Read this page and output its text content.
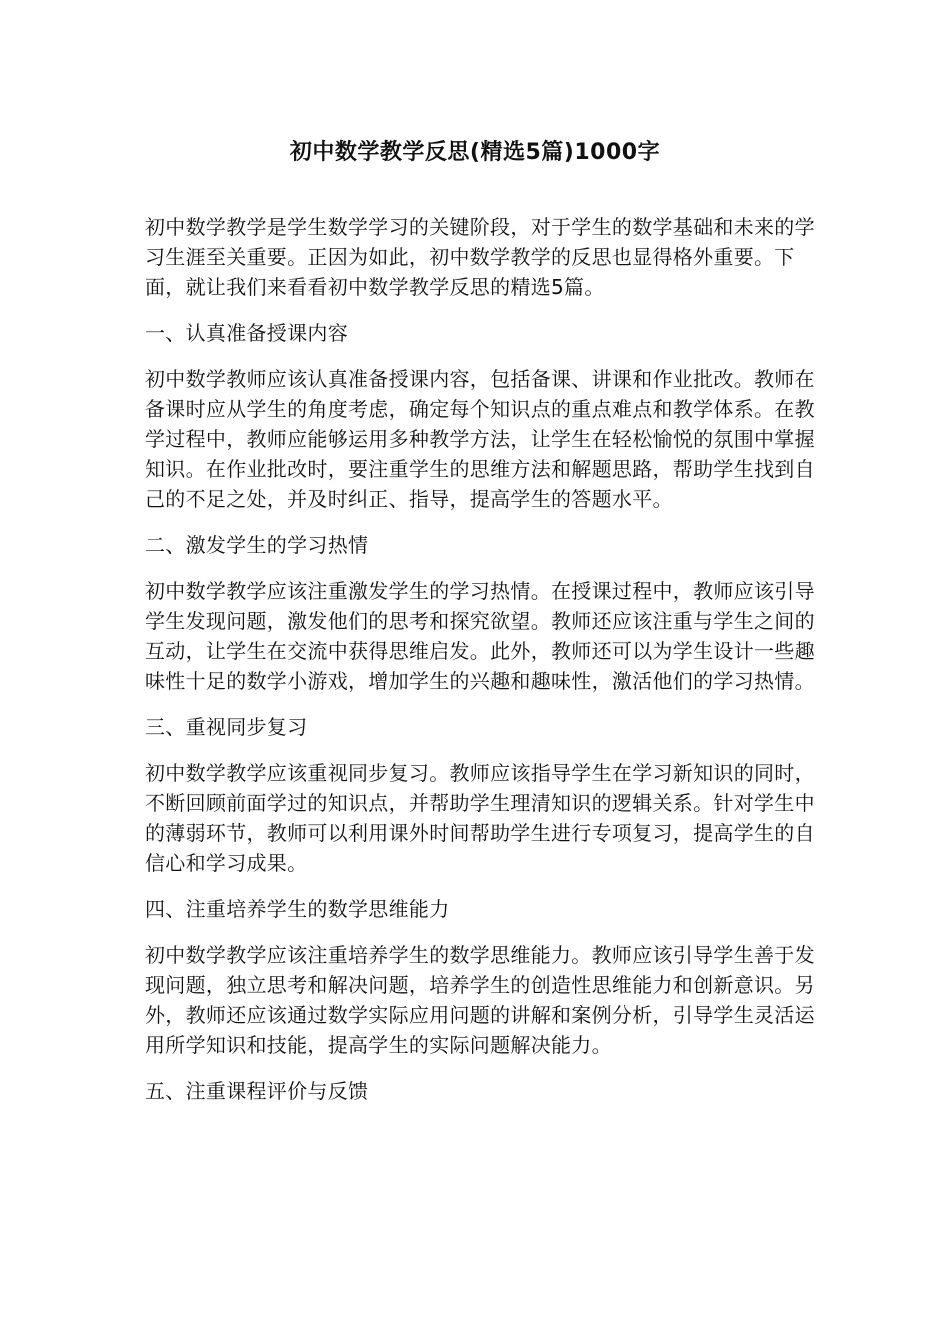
初中数学教学反思(精选5篇)1000字

初中数学教学是学生数学学习的关键阶段，对于学生的数学基础和未来的学习生涯至关重要。正因为如此，初中数学教学的反思也显得格外重要。下面，就让我们来看看初中数学教学反思的精选5篇。

一、认真准备授课内容

初中数学教师应该认真准备授课内容，包括备课、讲课和作业批改。教师在备课时应从学生的角度考虑，确定每个知识点的重点难点和教学体系。在教学过程中，教师应能够运用多种教学方法，让学生在轻松愉悦的氛围中掌握知识。在作业批改时，要注重学生的思维方法和解题思路，帮助学生找到自己的不足之处，并及时纠正、指导，提高学生的答题水平。

二、激发学生的学习热情

初中数学教学应该注重激发学生的学习热情。在授课过程中，教师应该引导学生发现问题，激发他们的思考和探究欲望。教师还应该注重与学生之间的互动，让学生在交流中获得思维启发。此外，教师还可以为学生设计一些趣味性十足的数学小游戏，增加学生的兴趣和趣味性，激活他们的学习热情。

三、重视同步复习

初中数学教学应该重视同步复习。教师应该指导学生在学习新知识的同时，不断回顾前面学过的知识点，并帮助学生理清知识的逻辑关系。针对学生中的薄弱环节，教师可以利用课外时间帮助学生进行专项复习，提高学生的自信心和学习成果。

四、注重培养学生的数学思维能力

初中数学教学应该注重培养学生的数学思维能力。教师应该引导学生善于发现问题，独立思考和解决问题，培养学生的创造性思维能力和创新意识。另外，教师还应该通过数学实际应用问题的讲解和案例分析，引导学生灵活运用所学知识和技能，提高学生的实际问题解决能力。

五、注重课程评价与反馈
